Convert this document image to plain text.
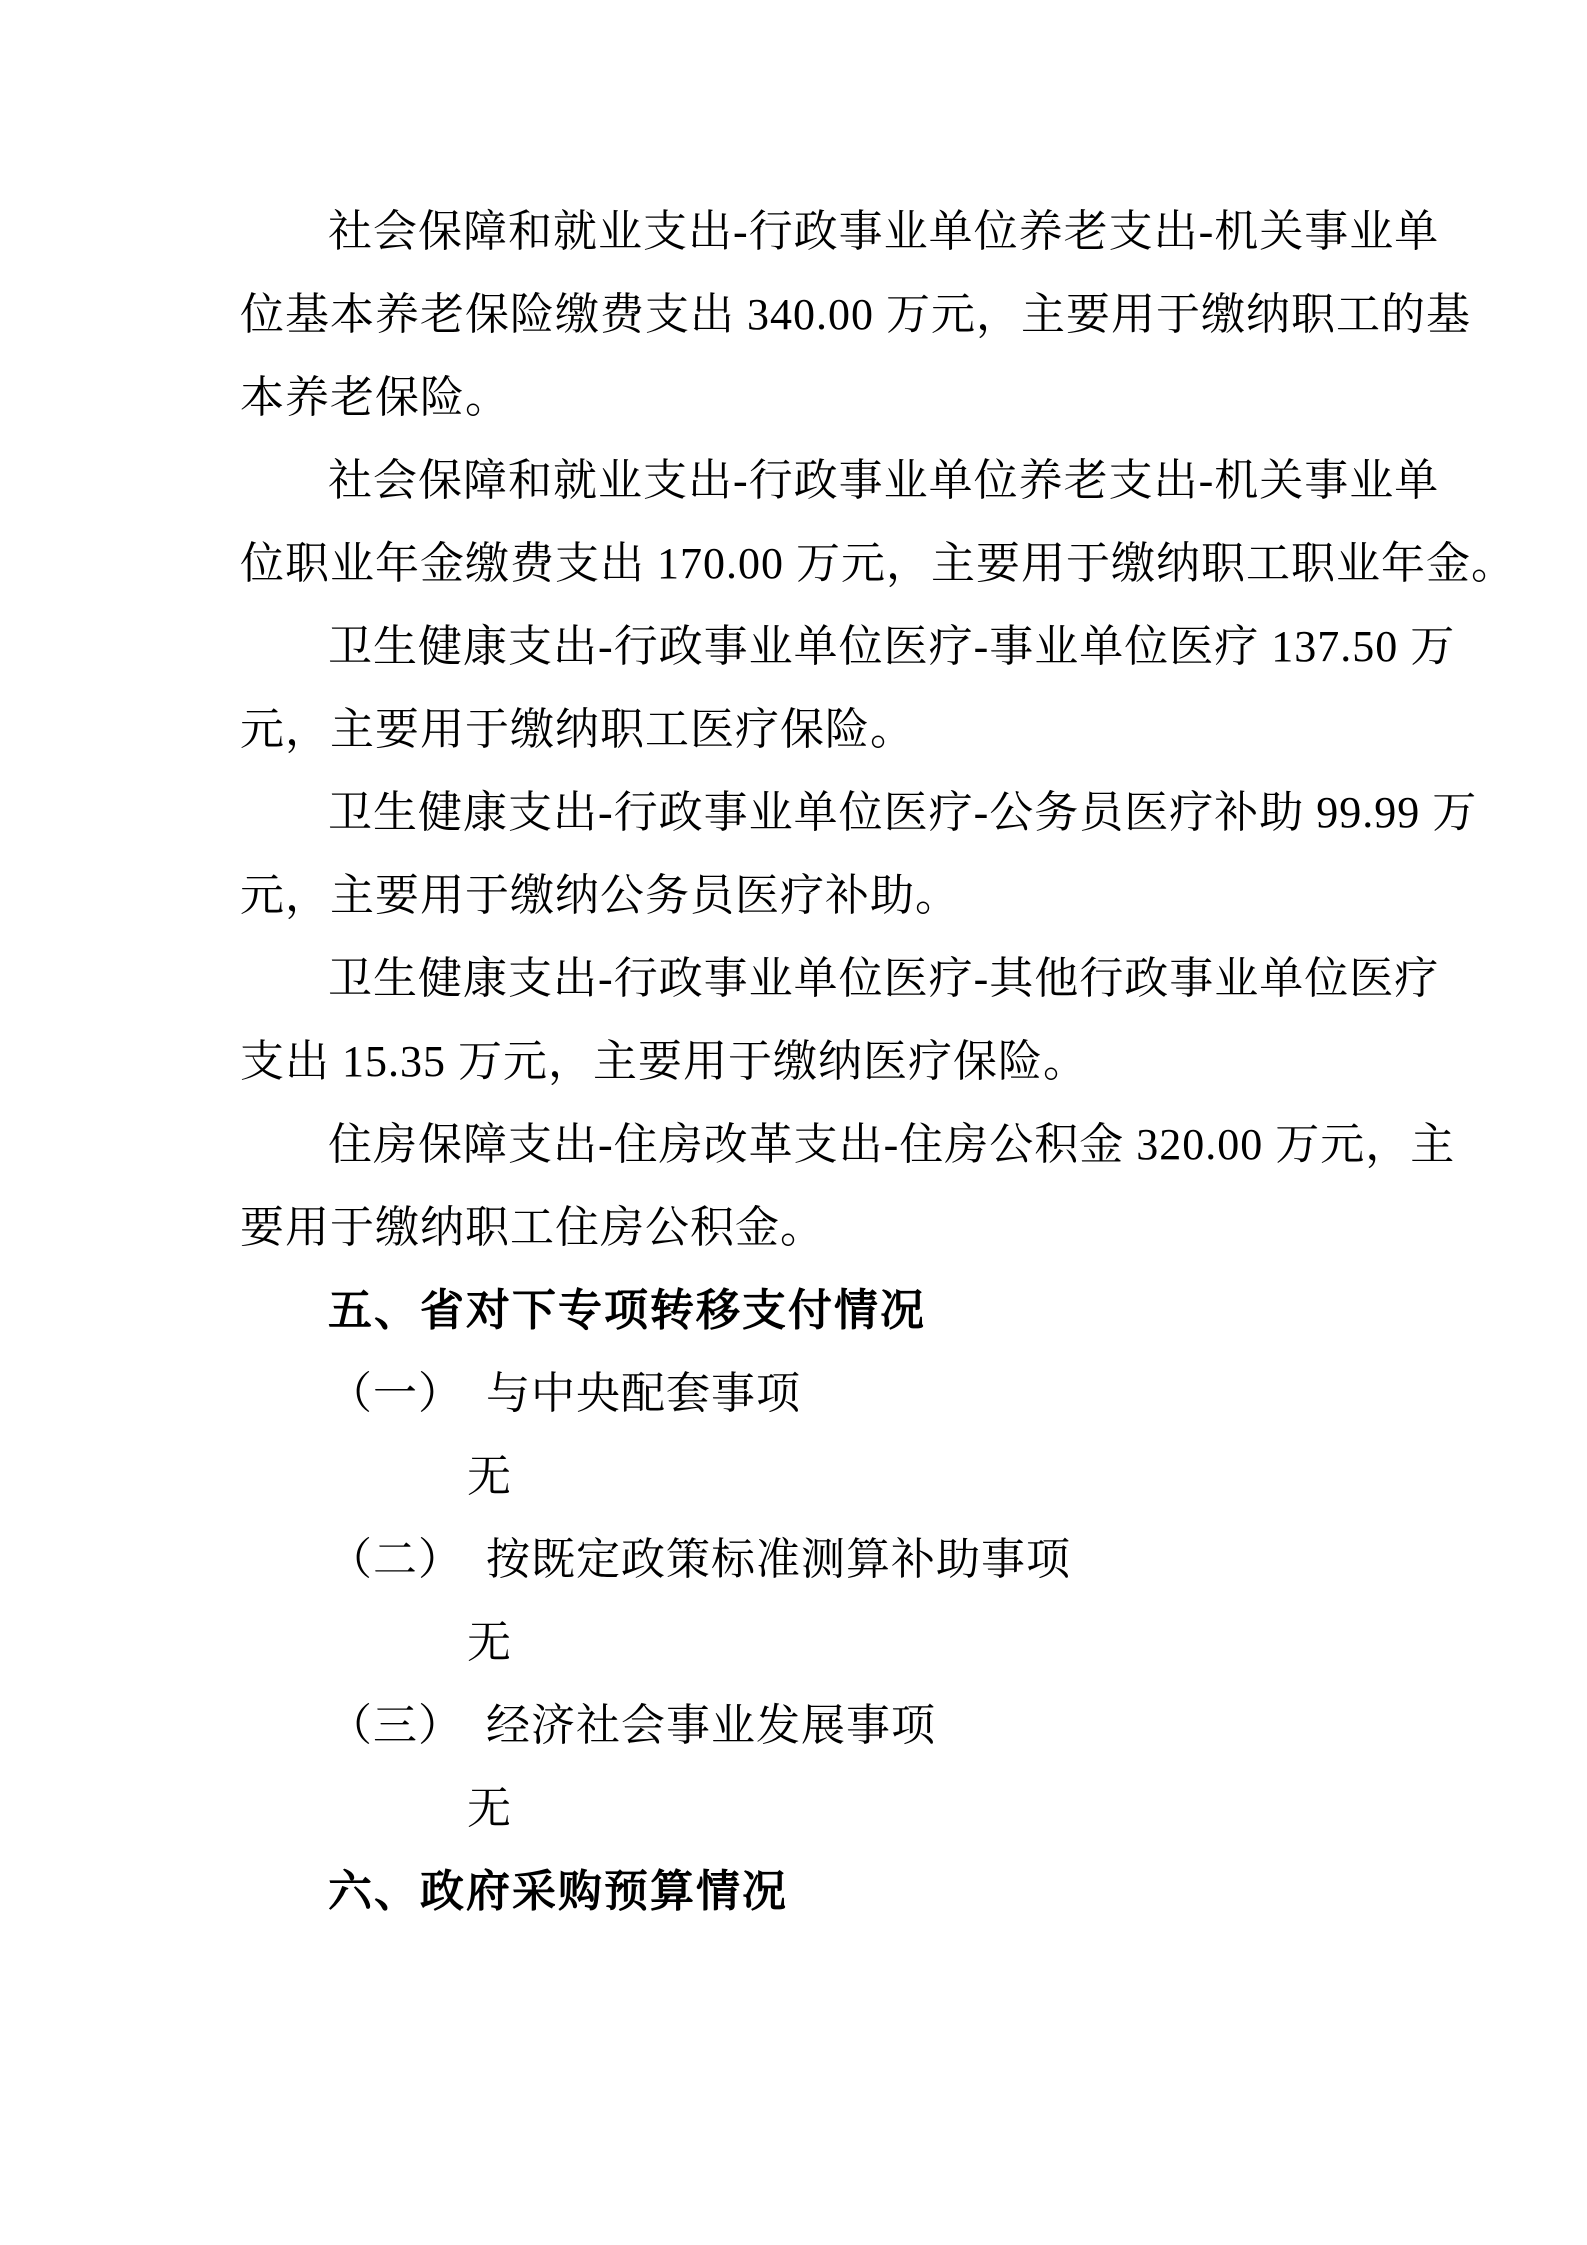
社会保障和就业支出-行政事业单位养老支出-机关事业单
位基本养老保险缴费支出 340.00 万元，主要用于缴纳职工的基
本养老保险。
社会保障和就业支出-行政事业单位养老支出-机关事业单
位职业年金缴费支出 170.00 万元，主要用于缴纳职工职业年金。
卫生健康支出-行政事业单位医疗-事业单位医疗 137.50 万
元，主要用于缴纳职工医疗保险。
卫生健康支出-行政事业单位医疗-公务员医疗补助 99.99 万
元，主要用于缴纳公务员医疗补助。
卫生健康支出-行政事业单位医疗-其他行政事业单位医疗
支出 15.35 万元，主要用于缴纳医疗保险。
住房保障支出-住房改革支出-住房公积金 320.00 万元，主
要用于缴纳职工住房公积金。
五、省对下专项转移支付情况
（一）　与中央配套事项
无
（二）　按既定政策标准测算补助事项
无
（三）　经济社会事业发展事项
无
六、政府采购预算情况
